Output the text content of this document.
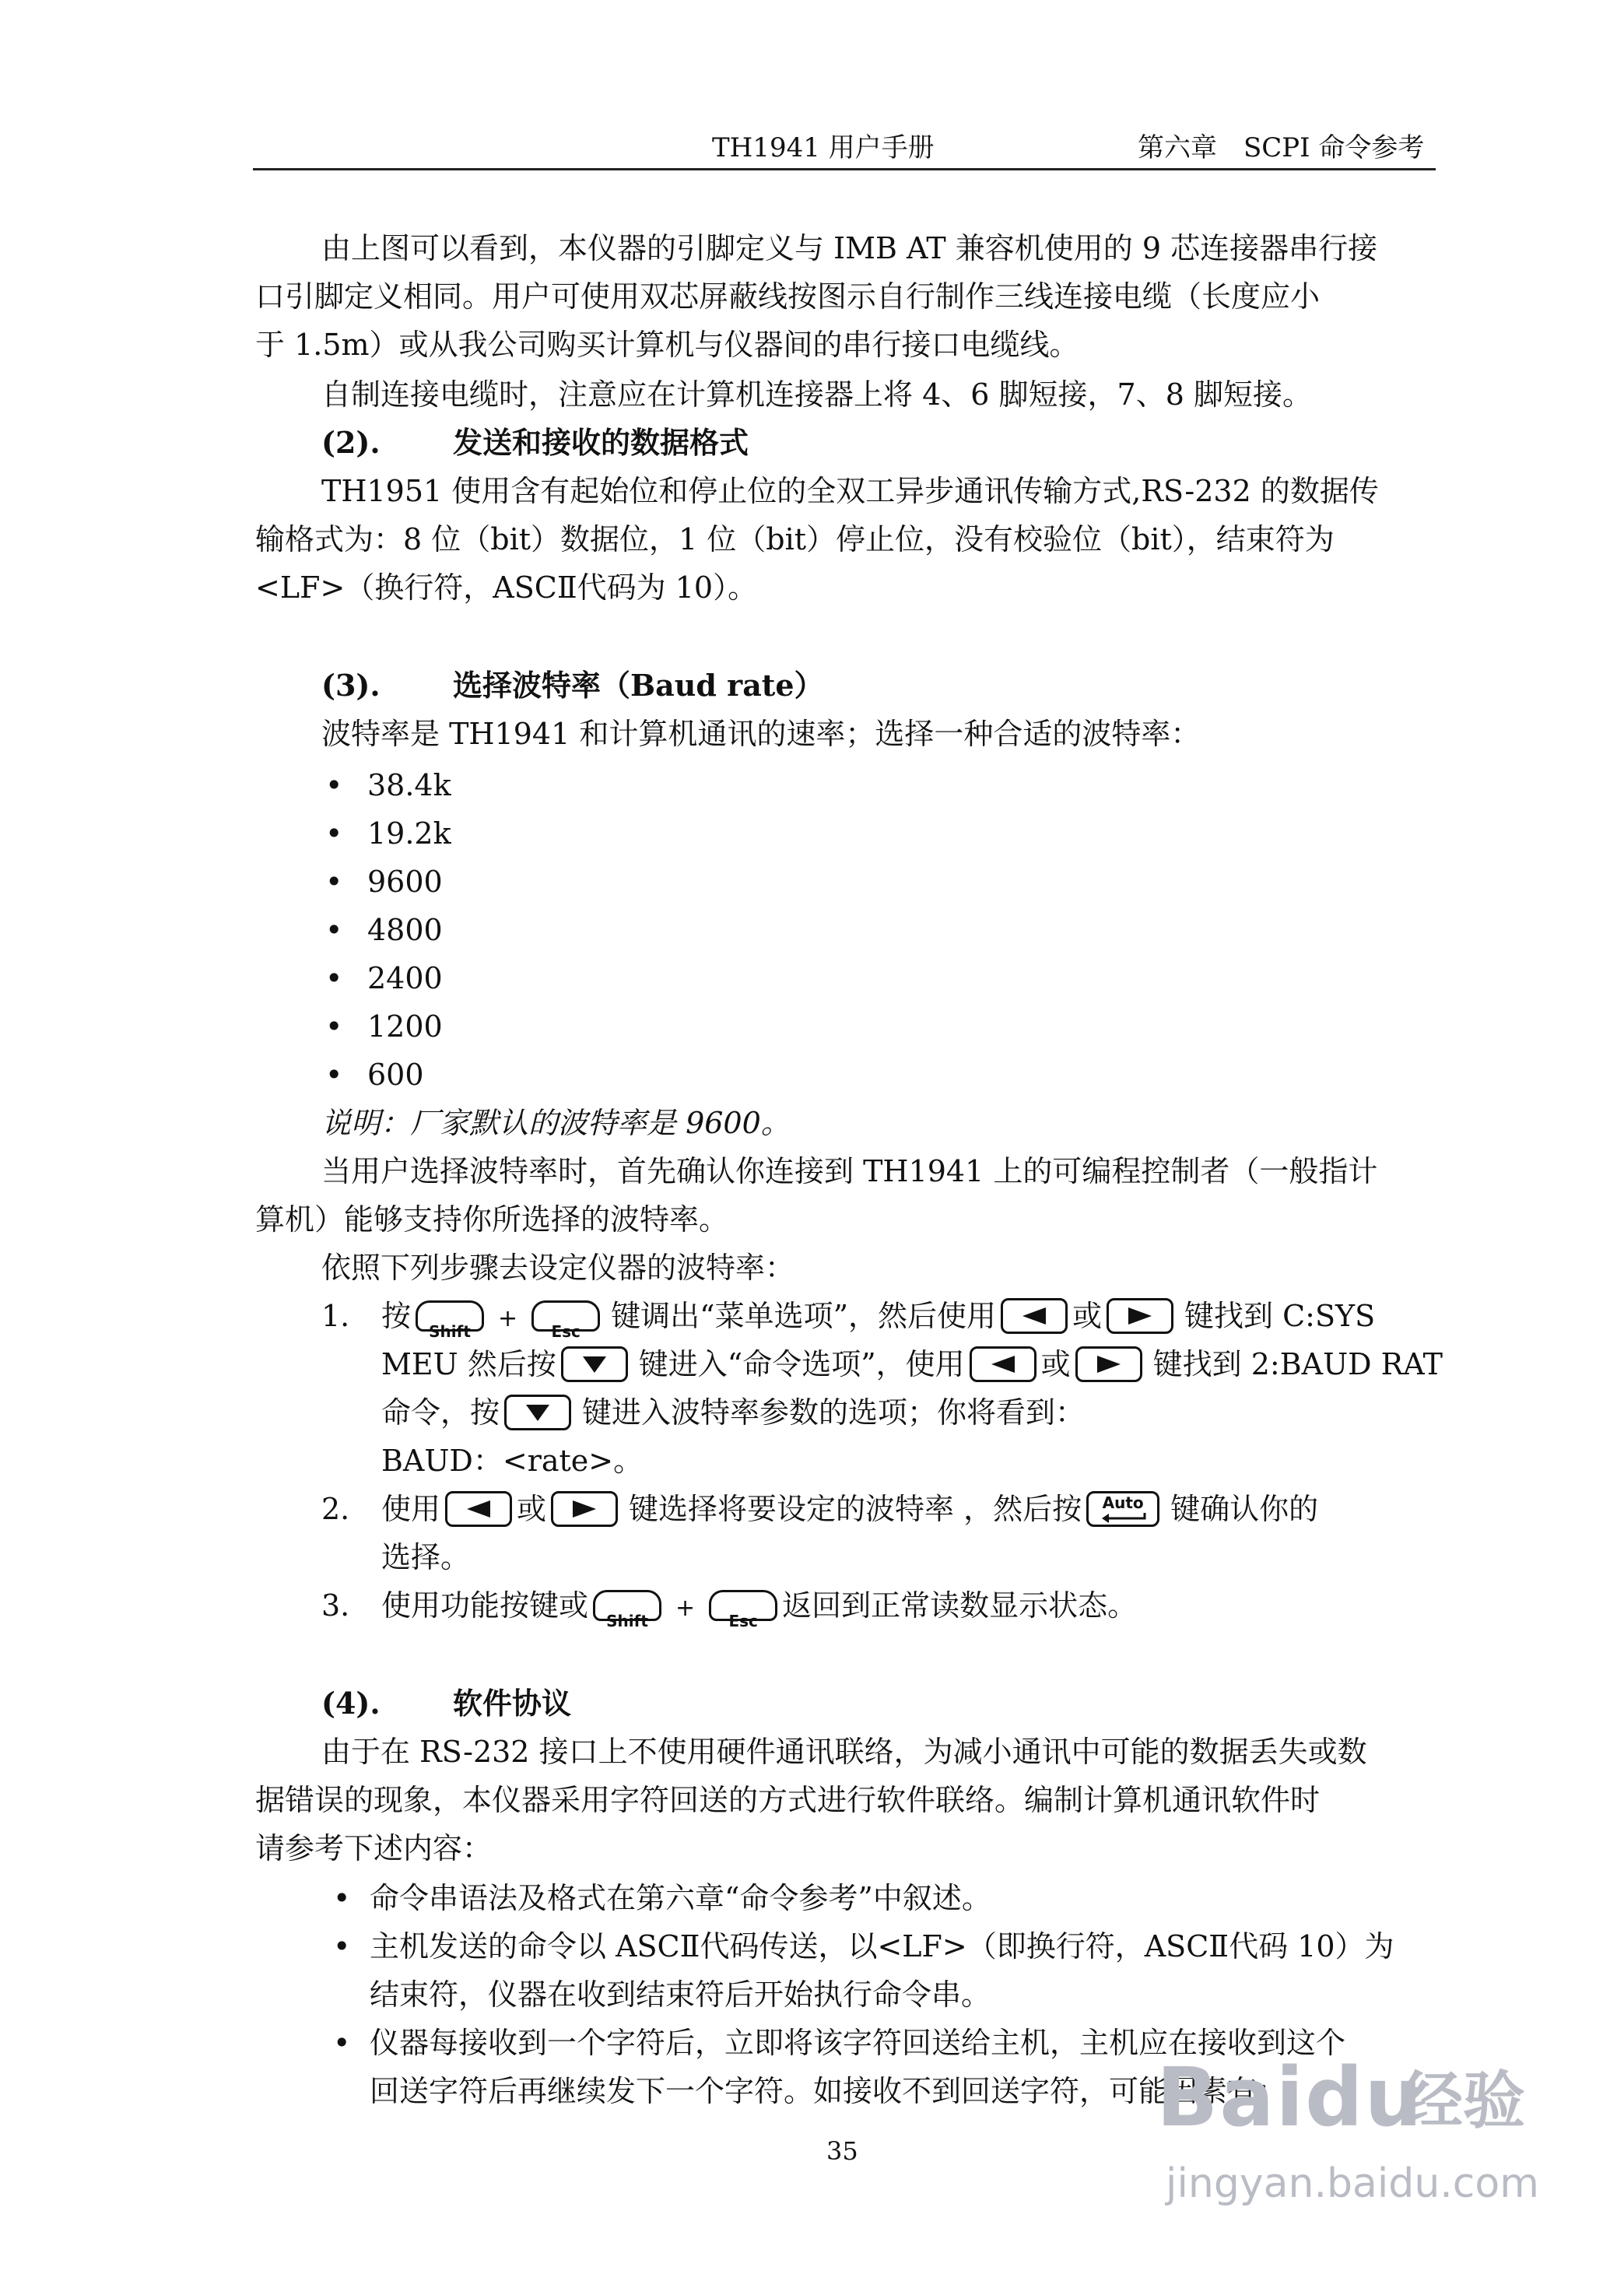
TH1941 用户手册	第六章　SCPI 命令参考
由上图可以看到，本仪器的引脚定义与 IMB AT 兼容机使用的 9 芯连接器串行接
口引脚定义相同。用户可使用双芯屏蔽线按图示自行制作三线连接电缆（长度应小
于 1.5m）或从我公司购买计算机与仪器间的串行接口电缆线。
自制连接电缆时，注意应在计算机连接器上将 4、6 脚短接，7、8 脚短接。
(2). 发送和接收的数据格式
TH1951 使用含有起始位和停止位的全双工异步通讯传输方式,RS-232 的数据传
输格式为：8 位（bit）数据位，1 位（bit）停止位，没有校验位（bit），结束符为
<LF>（换行符，ASCⅡ代码为 10）。
(3). 选择波特率（Baud rate）
波特率是 TH1941 和计算机通讯的速率；选择一种合适的波特率：
• 38.4k
• 19.2k
• 9600
• 4800
• 2400
• 1200
• 600
说明：厂家默认的波特率是 9600。
当用户选择波特率时，首先确认你连接到 TH1941 上的可编程控制者（一般指计
算机）能够支持你所选择的波特率。
依照下列步骤去设定仪器的波特率：
1. 按 Shift + Esc 键调出“菜单选项”，然后使用	或	键找到 C:SYS
MEU 然后按	键进入“命令选项”，使用	或	键找到 2:BAUD RAT
命令，按	键进入波特率参数的选项；你将看到：
BAUD：<rate>。
2. 使用	或	键选择将要设定的波特率 ，然后按	Auto 键确认你的
选择。
3. 使用功能按键或 Shift + Esc 返回到正常读数显示状态。
(4). 软件协议
由于在 RS-232 接口上不使用硬件通讯联络，为减小通讯中可能的数据丢失或数
据错误的现象，本仪器采用字符回送的方式进行软件联络。编制计算机通讯软件时
请参考下述内容：
• 命令串语法及格式在第六章“命令参考”中叙述。
• 主机发送的命令以 ASCⅡ代码传送，以<LF>（即换行符，ASCⅡ代码 10）为
结束符，仪器在收到结束符后开始执行命令串。
• 仪器每接收到一个字符后，立即将该字符回送给主机，主机应在接收到这个
回送字符后再继续发下一个字符。如接收不到回送字符，可能因素有：
35
Baidu
经验
jingyan.baidu.com
